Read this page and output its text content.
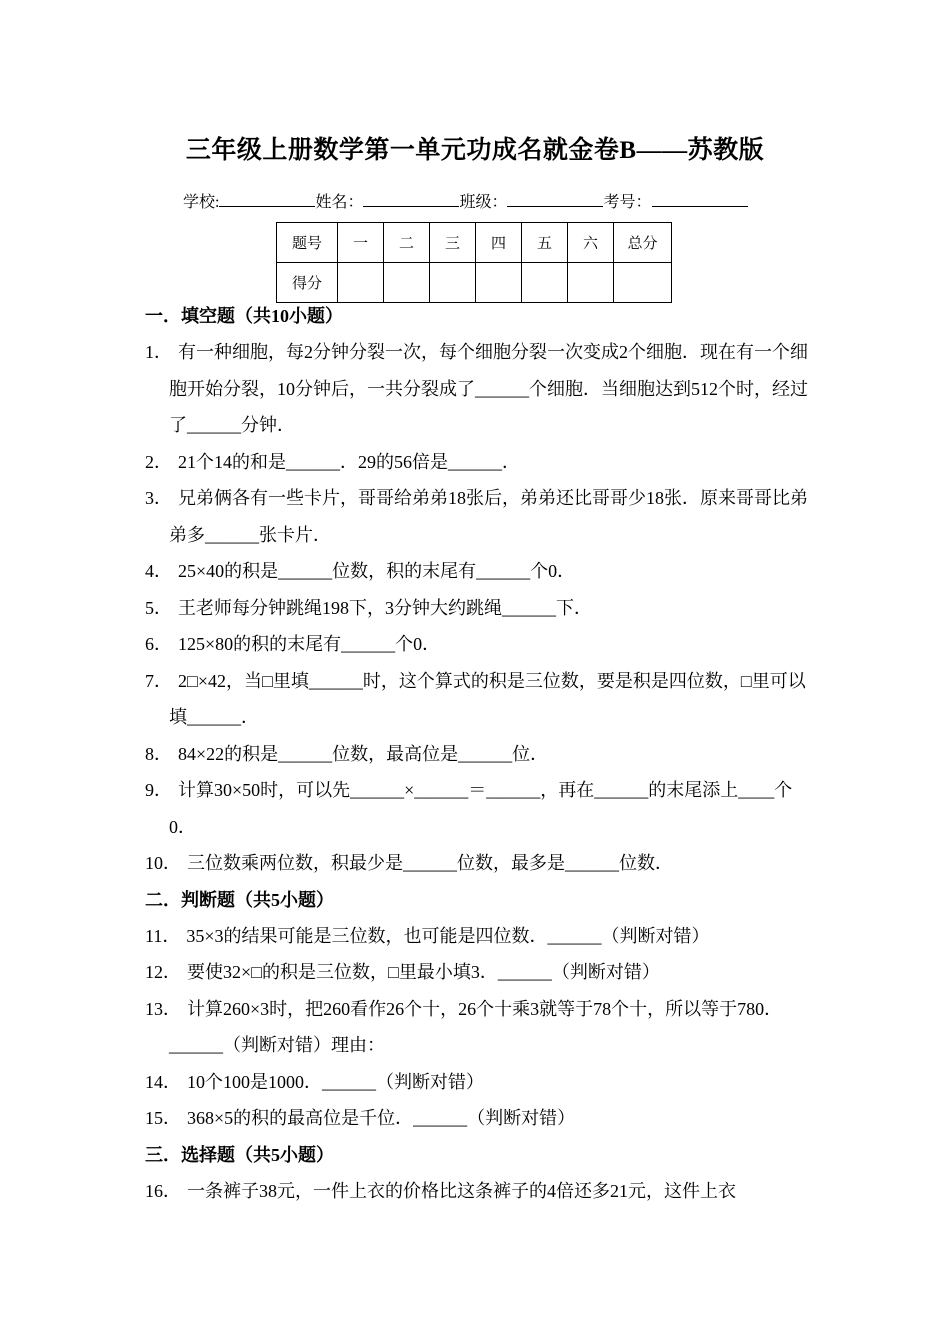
三年级上册数学第一单元功成名就金卷B——苏教版
学校:	姓名：	班级：	考号：
题号	一	二	三	四	五	六	总分
得分							
一．填空题（共10小题）
1． 有一种细胞，每2分钟分裂一次，每个细胞分裂一次变成2个细胞．现在有一个细胞开始分裂，10分钟后，一共分裂成了______个细胞．当细胞达到512个时，经过了______分钟．
2． 21个14的和是______．29的56倍是______．
3． 兄弟俩各有一些卡片，哥哥给弟弟18张后，弟弟还比哥哥少18张．原来哥哥比弟弟多______张卡片．
4． 25×40的积是______位数，积的末尾有______个0．
5． 王老师每分钟跳绳198下，3分钟大约跳绳______下．
6． 125×80的积的末尾有______个0．
7． 2□×42，当□里填______时，这个算式的积是三位数，要是积是四位数，□里可以填______．
8． 84×22的积是______位数，最高位是______位．
9． 计算30×50时，可以先______×______＝______，再在______的末尾添上____个0．
10． 三位数乘两位数，积最少是______位数，最多是______位数．
二．判断题（共5小题）
11． 35×3的结果可能是三位数，也可能是四位数．______（判断对错）
12． 要使32×□的积是三位数，□里最小填3．______（判断对错）
13． 计算260×3时，把260看作26个十，26个十乘3就等于78个十，所以等于780．______（判断对错）理由：
14． 10个100是1000．______（判断对错）
15． 368×5的积的最高位是千位．______（判断对错）
三．选择题（共5小题）
16． 一条裤子38元，一件上衣的价格比这条裤子的4倍还多21元，这件上衣
